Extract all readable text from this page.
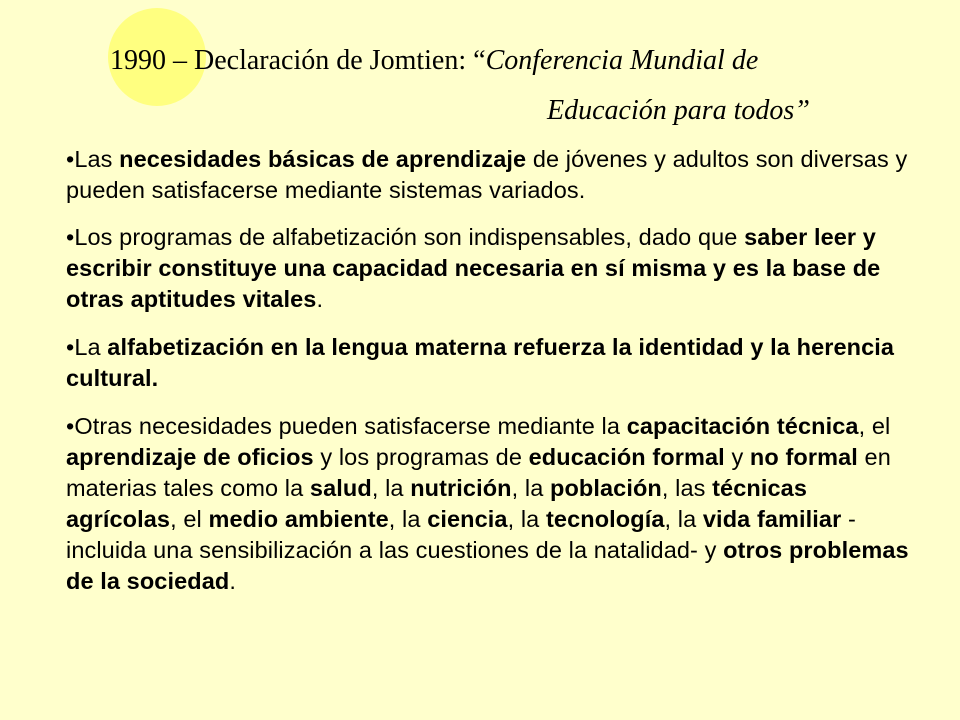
1990 – Declaración de Jomtien: “Conferencia Mundial de
Educación para todos”

•Las necesidades básicas de aprendizaje de jóvenes y adultos son diversas y pueden satisfacerse mediante sistemas variados.

•Los programas de alfabetización son indispensables, dado que saber leer y escribir constituye una capacidad necesaria en sí misma y es la base de otras aptitudes vitales.

•La alfabetización en la lengua materna refuerza la identidad y la herencia cultural.

•Otras necesidades pueden satisfacerse mediante la capacitación técnica, el aprendizaje de oficios y los programas de educación formal y no formal en materias tales como la salud, la nutrición, la población, las técnicas agrícolas, el medio ambiente, la ciencia, la tecnología, la vida familiar -incluida una sensibilización a las cuestiones de la natalidad- y otros problemas de la sociedad.
